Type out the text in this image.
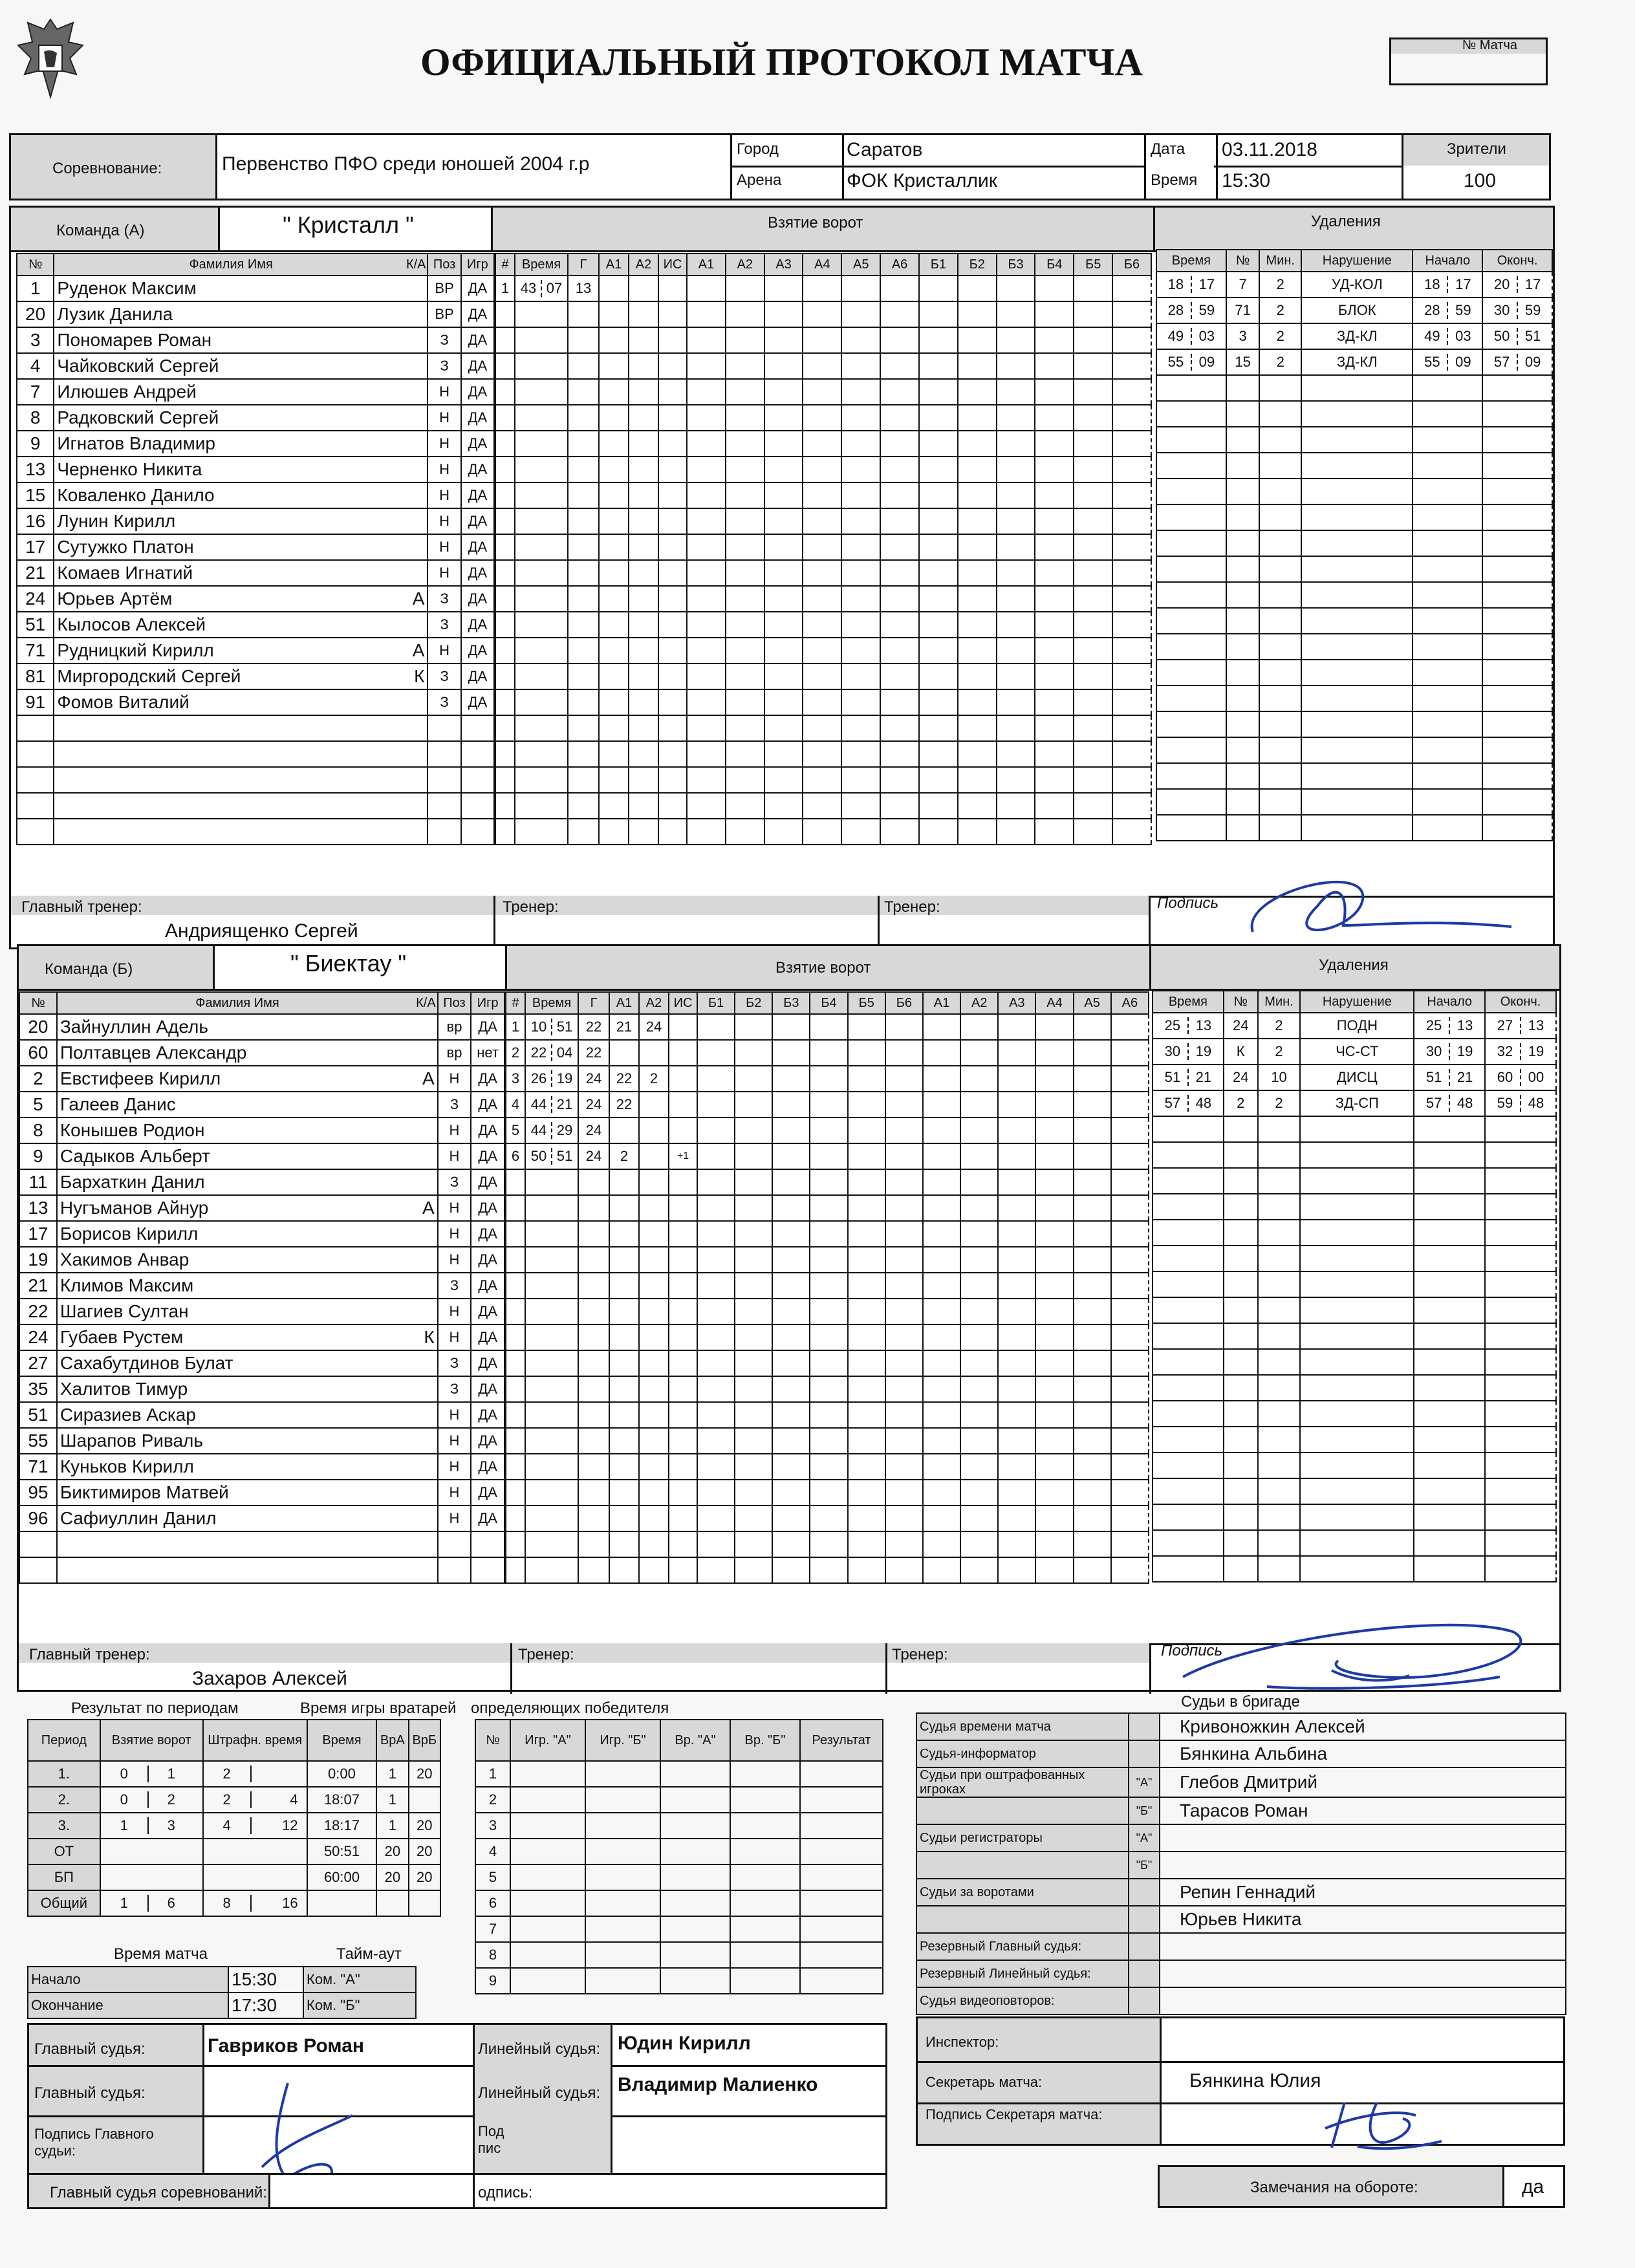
ОФИЦИАЛЬНЫЙ ПРОТОКОЛ МАТЧА	№ Матча
Соревнование:	Первенство ПФО среди юношей 2004 г.р
Город
Арена
Саратов
ФОК Кристаллик
Дата
Время
03.11.2018
15:30
Зрители
100
Команда (А)	" Кристалл "	Взятие ворот	Удаления
№	Фамилия Имя К/А	Поз	Игр
1	Руденок Максим	ВР	ДА
20	Лузик Данила	ВР	ДА
3	Пономарев Роман	З	ДА
4	Чайковский Сергей	З	ДА
7	Илюшев Андрей	Н	ДА
8	Радковский Сергей	Н	ДА
9	Игнатов Владимир	Н	ДА
13	Черненко Никита	Н	ДА
15	Коваленко Данило	Н	ДА
16	Лунин Кирилл	Н	ДА
17	Сутужко Платон	Н	ДА
21	Комаев Игнатий	Н	ДА
24	Юрьев Артём А	З	ДА
51	Кылосов Алексей	З	ДА
71	Рудницкий Кирилл А	Н	ДА
81	Миргородский Сергей К	З	ДА
91	Фомов Виталий	З	ДА

#	Время	Г	А1	А2	ИС	А1	А2	А3	А4	А5	А6	Б1	Б2	Б3	Б4	Б5	Б6
1	43 07	13															

Время	№	Мин.	Нарушение	Начало	Оконч.
18 17	7	2	УД-КОЛ	18 17	20 17
28 59	71	2	БЛОК	28 59	30 59
49 03	3	2	ЗД-КЛ	49 03	50 51
55 09	15	2	ЗД-КЛ	55 09	57 09

Главный тренер:
Андриященко Сергей
Тренер:	Тренер:	Подпись
Команда (Б)	" Биектау "	Взятие ворот	Удаления
№	Фамилия Имя К/А	Поз	Игр
20	Зайнуллин Адель	вр	ДА
60	Полтавцев Александр	вр	нет
2	Евстифеев Кирилл А	Н	ДА
5	Галеев Данис	З	ДА
8	Конышев Родион	Н	ДА
9	Садыков Альберт	Н	ДА
11	Бархаткин Данил	З	ДА
13	Нугъманов Айнур А	Н	ДА
17	Борисов Кирилл	Н	ДА
19	Хакимов Анвар	Н	ДА
21	Климов Максим	З	ДА
22	Шагиев Султан	Н	ДА
24	Губаев Рустем К	Н	ДА
27	Сахабутдинов Булат	З	ДА
35	Халитов Тимур	З	ДА
51	Сиразиев Аскар	Н	ДА
55	Шарапов Риваль	Н	ДА
71	Куньков Кирилл	Н	ДА
95	Биктимиров Матвей	Н	ДА
96	Сафиуллин Данил	Н	ДА

#	Время	Г	А1	А2	ИС	Б1	Б2	Б3	Б4	Б5	Б6	А1	А2	А3	А4	А5	А6
1	10 51	22	21	24													
2	22 04	22															
3	26 19	24	22	2													
4	44 21	24	22														
5	44 29	24															
6	50 51	24	2		+1												

Время	№	Мин.	Нарушение	Начало	Оконч.
25 13	24	2	ПОДН	25 13	27 13
30 19	К	2	ЧС-СТ	30 19	32 19
51 21	24	10	ДИСЦ	51 21	60 00
57 48	2	2	ЗД-СП	57 48	59 48

Главный тренер:
Захаров Алексей
Тренер:	Тренер:	Подпись
Результат по периодам	Время игры вратарей определяющих победителя
Период	Взятие ворот	Штрафн. время	Время	ВрА	ВрБ
1.	0 1	2	0:00	1	20
2.	0 2	2 4	18:07	1	
3.	1 3	4 12	18:17	1	20
ОТ			50:51	20	20
БП			60:00	20	20
Общий	1 6	8 16			
№	Игр. "А"	Игр. "Б"	Вр. "А"	Вр. "Б"	Результат
1					
2					
3					
4					
5					
6					
7					
8					
9					
Время матча	Тайм-аут
Начало	15:30	Ком. "А"
Окончание	17:30	Ком. "Б"
Главный судья:
Главный судья:
Гавриков Роман	Линейный судья:
Линейный судья:
Юдин Кирилл
Владимир Малиенко
Подпись Главного судьи:
Под пис
Главный судья соревнований:	одпись:
Судьи в бригаде
Судья времени матча		Кривоножкин Алексей
Судья-информатор		Бянкина Альбина
Судьи при оштрафованных игроках	"А"	Глебов Дмитрий
	"Б"	Тарасов Роман
Судьи регистраторы	"А"	
	"Б"	
Судьи за воротами		Репин Геннадий
		Юрьев Никита
Резервный Главный судья:		
Резервный Линейный судья:		
Судья видеоповторов:		
Инспектор:
Секретарь матча:	Бянкина Юлия
Подпись Секретаря матча:
Замечания на обороте:	да
